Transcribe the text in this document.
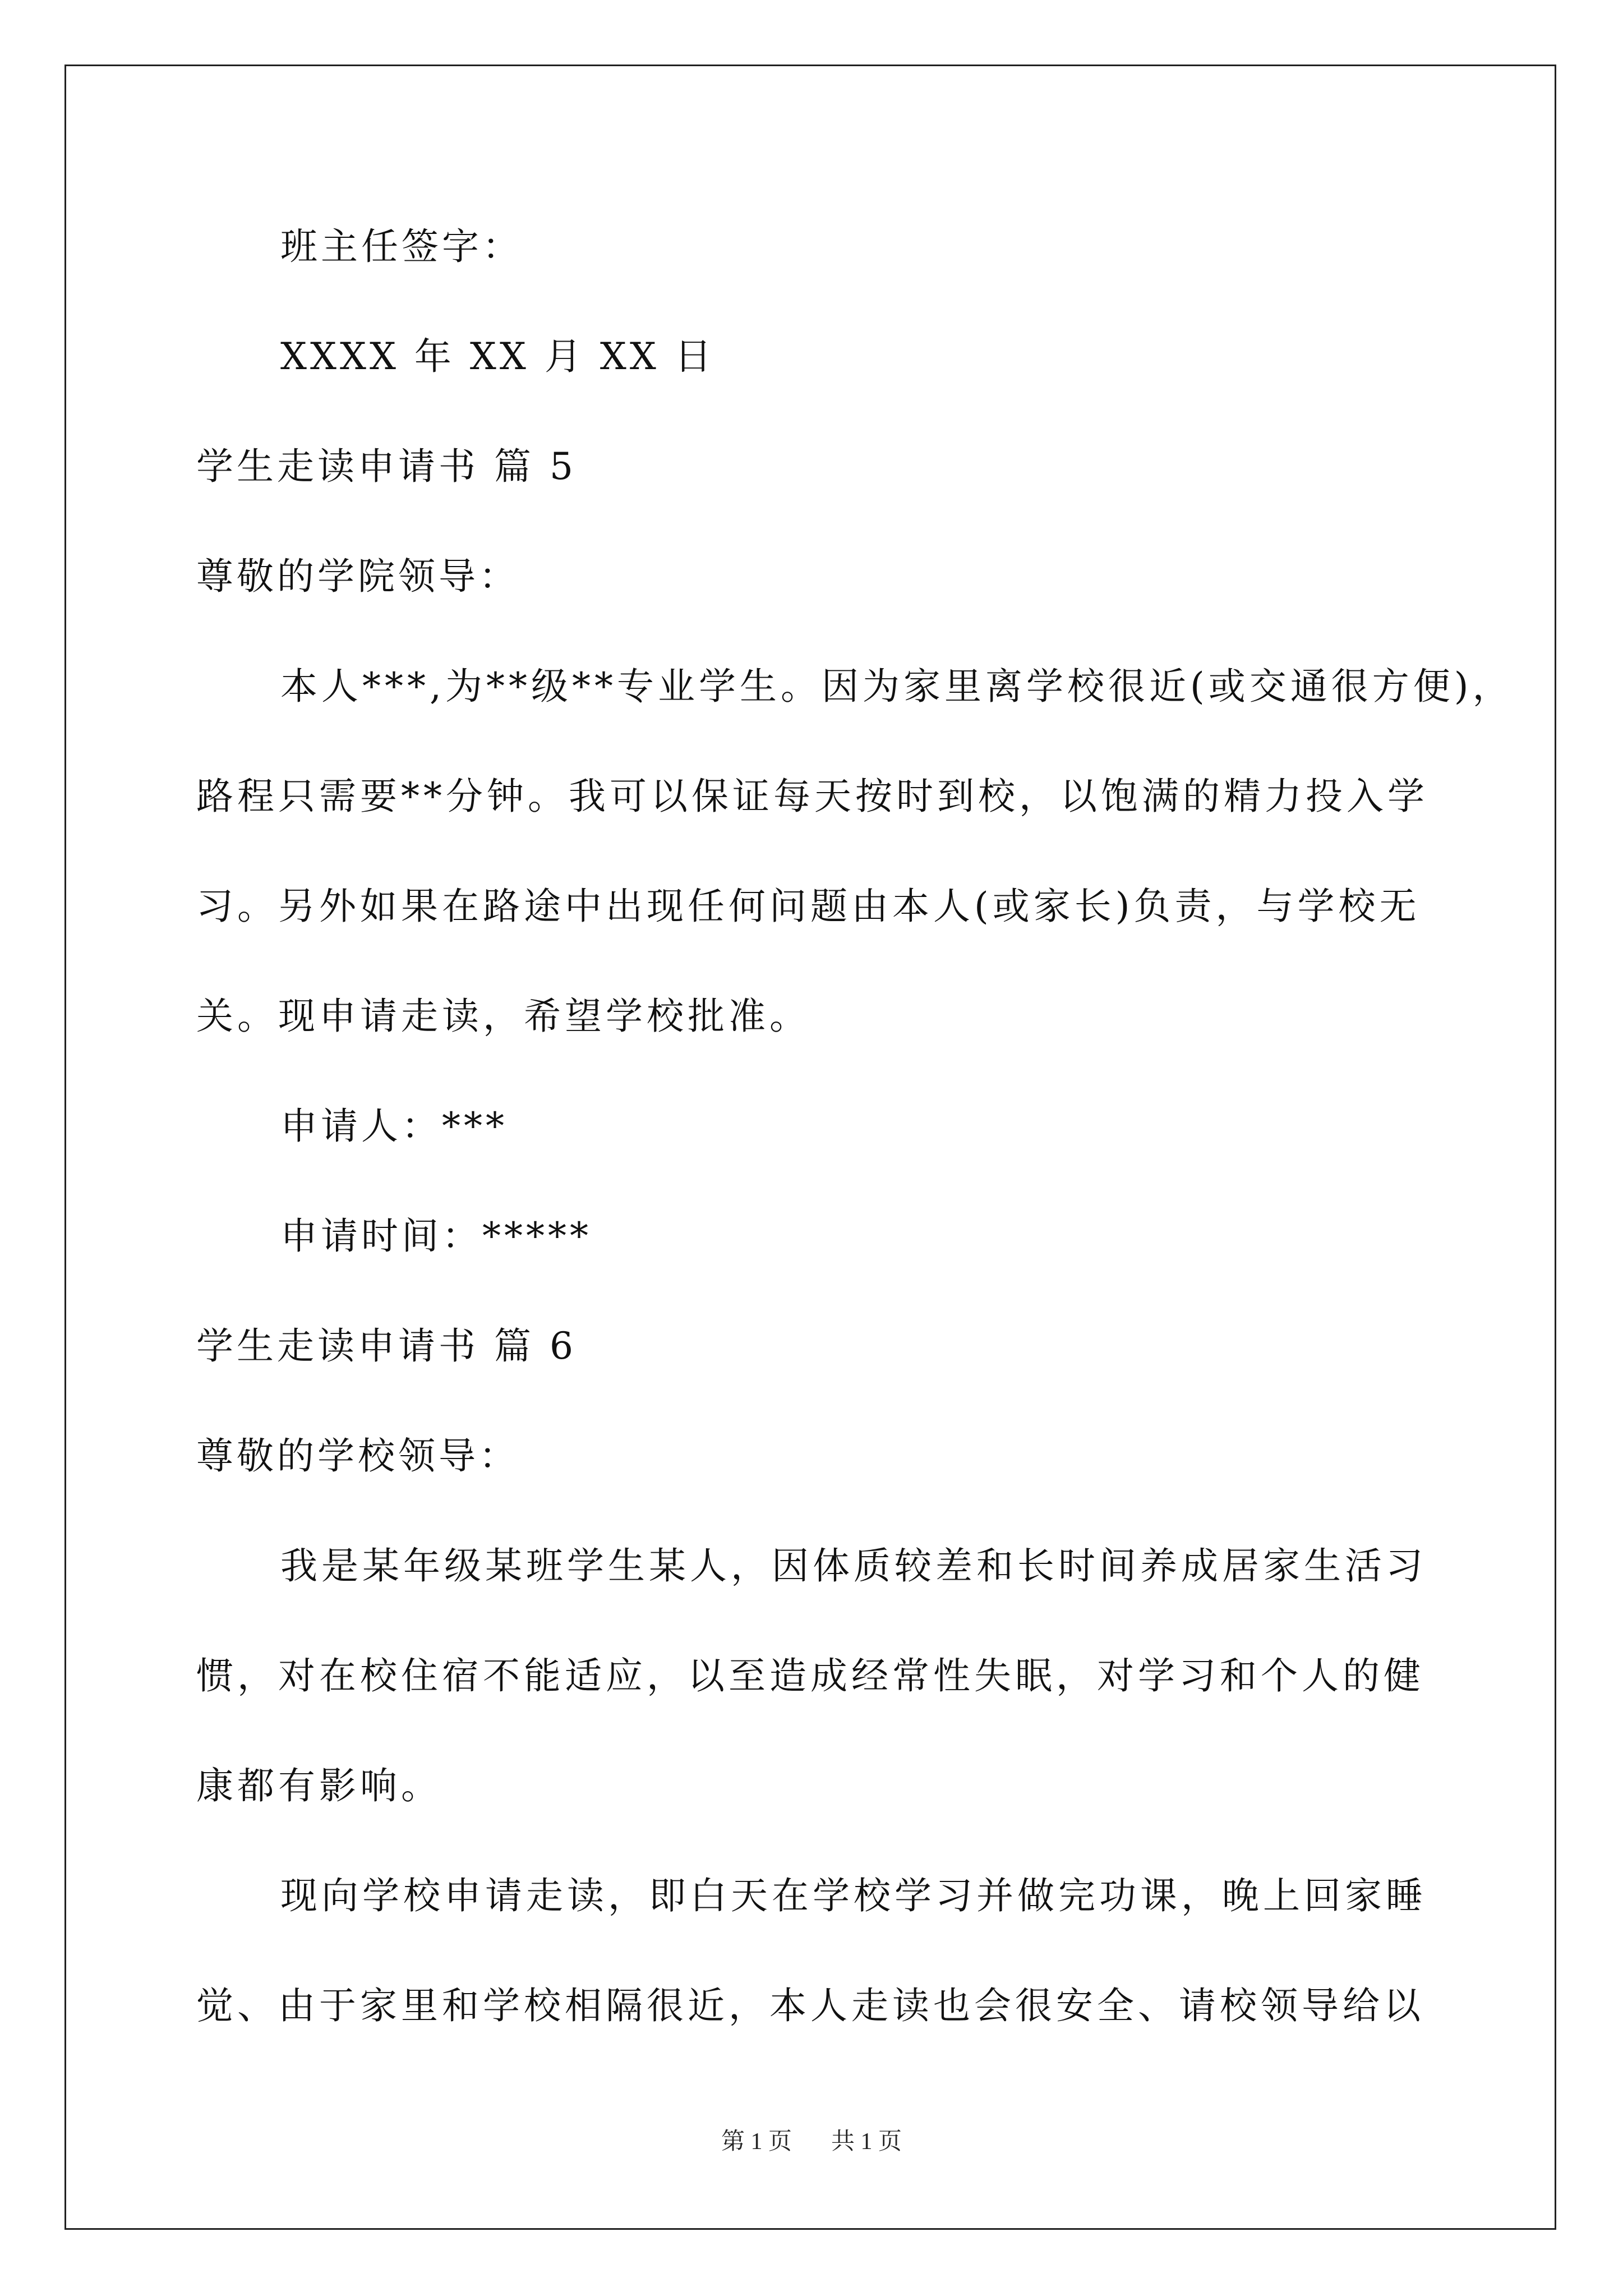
班主任签字：
XXXX 年 XX 月 XX 日
学生走读申请书 篇 5
尊敬的学院领导：
本人***,为**级**专业学生。因为家里离学校很近(或交通很方便)，
路程只需要**分钟。我可以保证每天按时到校，以饱满的精力投入学
习。另外如果在路途中出现任何问题由本人(或家长)负责，与学校无
关。现申请走读，希望学校批准。
申请人：***
申请时间：*****
学生走读申请书 篇 6
尊敬的学校领导：
我是某年级某班学生某人，因体质较差和长时间养成居家生活习
惯，对在校住宿不能适应，以至造成经常性失眠，对学习和个人的健
康都有影响。
现向学校申请走读，即白天在学校学习并做完功课，晚上回家睡
觉、由于家里和学校相隔很近，本人走读也会很安全、请校领导给以
第 1 页 共 1 页
